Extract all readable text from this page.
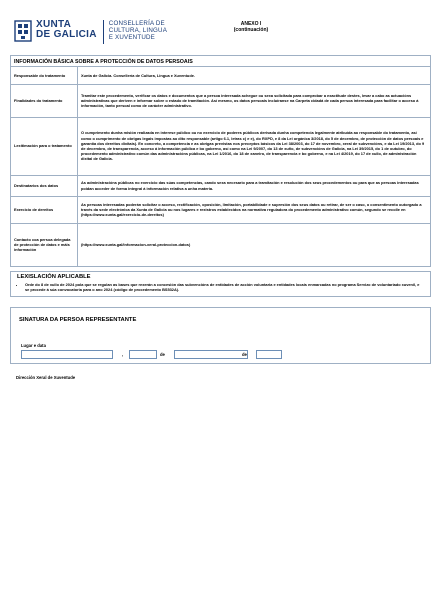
XUNTA
DE GALICIA
CONSELLERÍA DE
CULTURA, LINGUA
E XUVENTUDE
ANEXO I
(continuación)
INFORMACIÓN BÁSICA SOBRE A PROTECCIÓN DE DATOS PERSOAIS
Responsable do tratamento	Xunta de Galicia. Consellería de Cultura, Lingua e Xuventude.
Finalidades do tratamento	Tramitar este procedemento, verificar os datos e documentos que a persoa interesada achegue ou sexa solicitada para comprobar a exactitude destes, levar a cabo as actuacións administrativas que deriven e informar sobre o estado de tramitación. Así mesmo, os datos persoais incluíranse na Carpeta cidadá de cada persoa interesada para facilitar o acceso á información, tanto persoal como de carácter administrativo.
Lexitimación para o tratamento	O cumprimento dunha misión realizada en interese público ou no exercicio de poderes públicos derivada dunha competencia legalmente atribuída ao responsable do tratamento, así como o cumprimento de obrigas legais impostas ao dito responsable (artigo 6.1, letras c) e e), do RXPD, e 8 da Lei orgánica 3/2018, do 5 de decembro, de protección de datos persoais e garantía dos dereitos dixitais). En concreto, a competencia e as obrigas previstas nos preceptos básicos da Lei 38/2003, do 17 de novembro, xeral de subvencións, e da Lei 19/2013, do 9 de decembro, de transparencia, acceso á información pública e bo goberno, así como na Lei 9/2007, do 13 de xuño, de subvencións de Galicia, na Lei 39/2015, do 1 de outubro, do procedemento administrativo común das administracións públicas, na Lei 1/2016, do 18 de xaneiro, de transparencia e bo goberno, e na Lei 4/2019, do 17 de xullo, de administración dixital de Galicia.
Destinatarios dos datos	As administracións públicas no exercicio das súas competencias, cando sexa necesario para a tramitación e resolución dos seus procedementos ou para que as persoas interesadas poidan acceder de forma integral á información relativa a unha materia.
Exercicio de dereitos	As persoas interesadas poderán solicitar o acceso, rectificación, oposición, limitación, portabilidade e supresión dos seus datos ou retirar, de ser o caso, o consentimento outorgado a través da sede electrónica da Xunta de Galicia ou nos lugares e rexistros establecidos na normativa reguladora do procedemento administrativo común, segundo se recolle en (https://www.xunta.gal/exercicio-de-dereitos)
Contacto coa persoa delegada de protección de datos e máis información	(https://www.xunta.gal/informacion-xeral-proteccion-datos)
LEXISLACIÓN APLICABLE
• Orde do 8 de xullo de 2024 pola que se regulan as bases que rexerán a concesión das subvencións de entidades de acción voluntaria e entidades locais enmarcadas no programa Servizo de voluntariado xuvenil, e se procede á súa convocatoria para o ano 2024 (código de procedemento BS532A).
SINATURA DA PERSOA REPRESENTANTE
Lugar e data
,	de	de
Dirección Xeral de Xuventude
